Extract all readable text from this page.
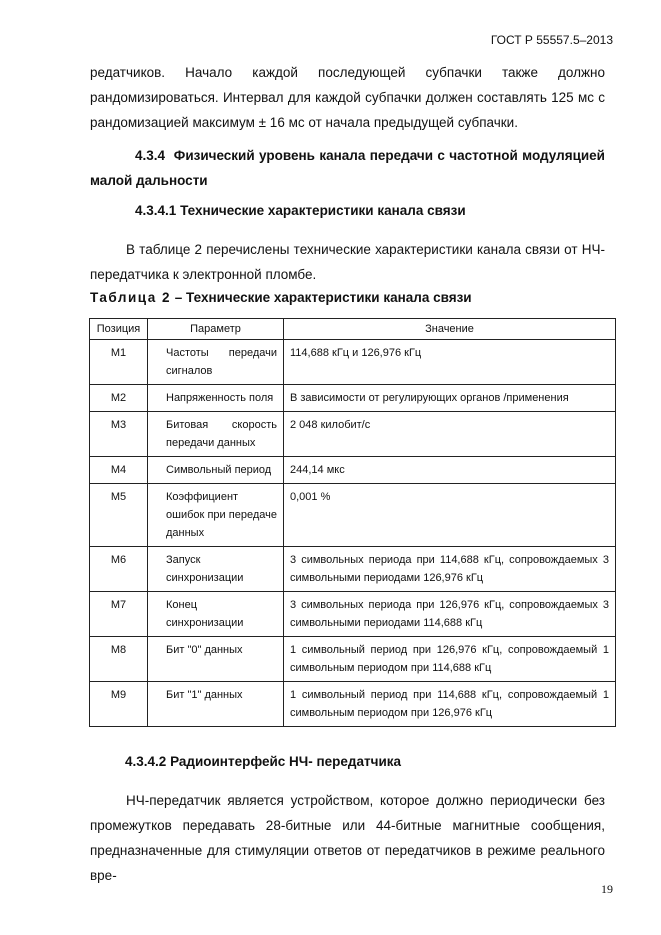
ГОСТ Р 55557.5–2013

редатчиков. Начало каждой последующей субпачки также должно рандомизироваться. Интервал для каждой субпачки должен составлять 125 мс с рандомизацией максимум ± 16 мс от начала предыдущей субпачки.

4.3.4 Физический уровень канала передачи с частотной модуляцией малой дальности
4.3.4.1 Технические характеристики канала связи

В таблице 2 перечислены технические характеристики канала связи от НЧ-передатчика к электронной пломбе.

Таблица 2 – Технические характеристики канала связи
Позиция	Параметр	Значение
M1	Частоты передачи сигналов	114,688 кГц и 126,976 кГц
M2	Напряженность поля	В зависимости от регулирующих органов /применения
M3	Битовая скорость передачи данных	2 048 килобит/с
M4	Символьный период	244,14 мкс
M5	Коэффициент ошибок при передаче данных	0,001 %
M6	Запуск синхронизации	3 символьных периода при 114,688 кГц, сопровождаемых 3 символьными периодами 126,976 кГц
M7	Конец синхронизации	3 символьных периода при 126,976 кГц, сопровождаемых 3 символьными периодами 114,688 кГц
M8	Бит "0" данных	1 символьный период при 126,976 кГц, сопровождаемый 1 символьным периодом при 114,688 кГц
M9	Бит "1" данных	1 символьный период при 114,688 кГц, сопровождаемый 1 символьным периодом при 126,976 кГц
4.3.4.2 Радиоинтерфейс НЧ- передатчика

НЧ-передатчик является устройством, которое должно периодически без промежутков передавать 28-битные или 44-битные магнитные сообщения, предназначенные для стимуляции ответов от передатчиков в режиме реального вре-

19
